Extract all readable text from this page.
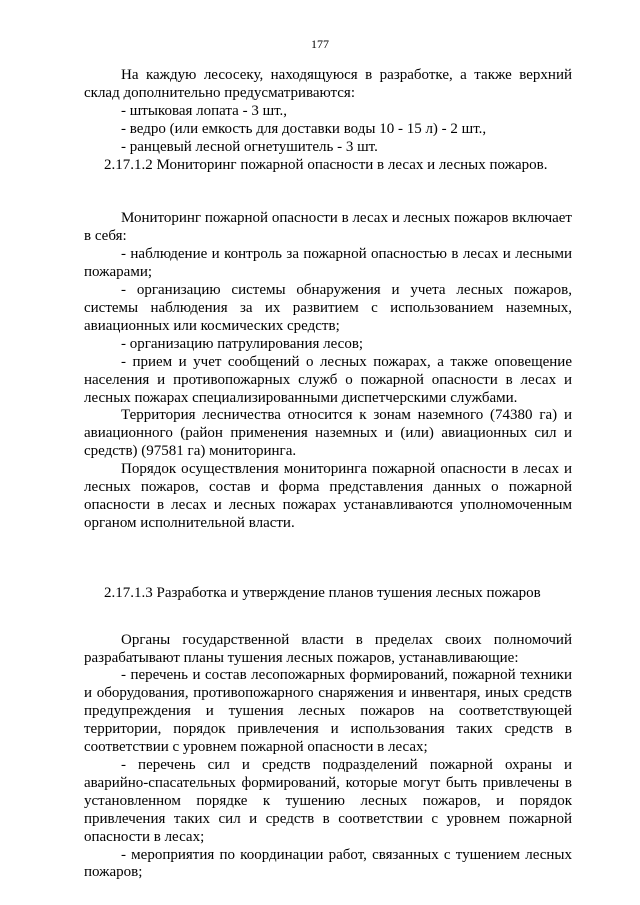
177

На каждую лесосеку, находящуюся в разработке, а также верхний склад дополнительно предусматриваются:

- штыковая лопата - 3 шт.,

- ведро (или емкость для доставки воды 10 - 15 л) - 2 шт.,

- ранцевый лесной огнетушитель - 3 шт.

2.17.1.2 Мониторинг пожарной опасности в лесах и лесных пожаров.

Мониторинг пожарной опасности в лесах и лесных пожаров включает в себя:

- наблюдение и контроль за пожарной опасностью в лесах и лесными пожарами;

- организацию системы обнаружения и учета лесных пожаров, системы наблюдения за их развитием с использованием наземных, авиационных или космических средств;

- организацию патрулирования лесов;

- прием и учет сообщений о лесных пожарах, а также оповещение населения и противопожарных служб о пожарной опасности в лесах и лесных пожарах специализированными диспетчерскими службами.

Территория лесничества относится к зонам наземного (74380 га) и авиационного (район применения наземных и (или) авиационных сил и средств) (97581 га) мониторинга.

Порядок осуществления мониторинга пожарной опасности в лесах и лесных пожаров, состав и форма представления данных о пожарной опасности в лесах и лесных пожарах устанавливаются уполномоченным органом исполнительной власти.

2.17.1.3 Разработка и утверждение планов тушения лесных пожаров

Органы государственной власти в пределах своих полномочий разрабатывают планы тушения лесных пожаров, устанавливающие:

- перечень и состав лесопожарных формирований, пожарной техники и оборудования, противопожарного снаряжения и инвентаря, иных средств предупреждения и тушения лесных пожаров на соответствующей территории, порядок привлечения и использования таких средств в соответствии с уровнем пожарной опасности в лесах;

- перечень сил и средств подразделений пожарной охраны и аварийно-спасательных формирований, которые могут быть привлечены в установленном порядке к тушению лесных пожаров, и порядок привлечения таких сил и средств в соответствии с уровнем пожарной опасности в лесах;

- мероприятия по координации работ, связанных с тушением лесных пожаров;
